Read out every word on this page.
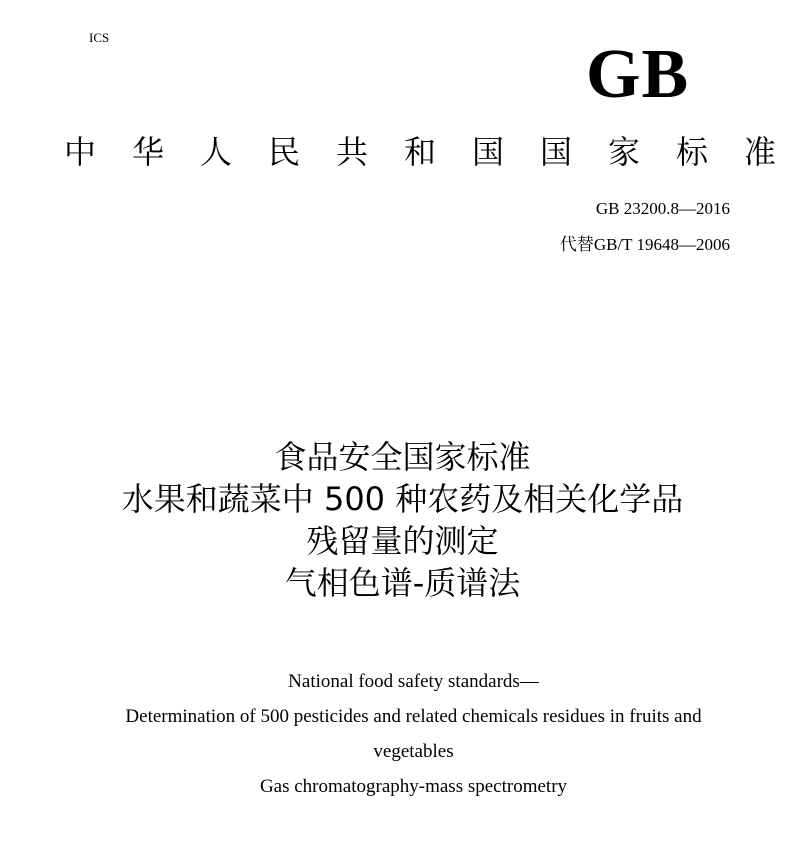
ICS	GB
中 华 人 民 共 和 国 国 家 标 准
GB 23200.8—2016
代替GB/T 19648—2006
食品安全国家标准
水果和蔬菜中 500 种农药及相关化学品
残留量的测定
气相色谱-质谱法
National food safety standards—
Determination of 500 pesticides and related chemicals residues in fruits and
vegetables
Gas chromatography-mass spectrometry
